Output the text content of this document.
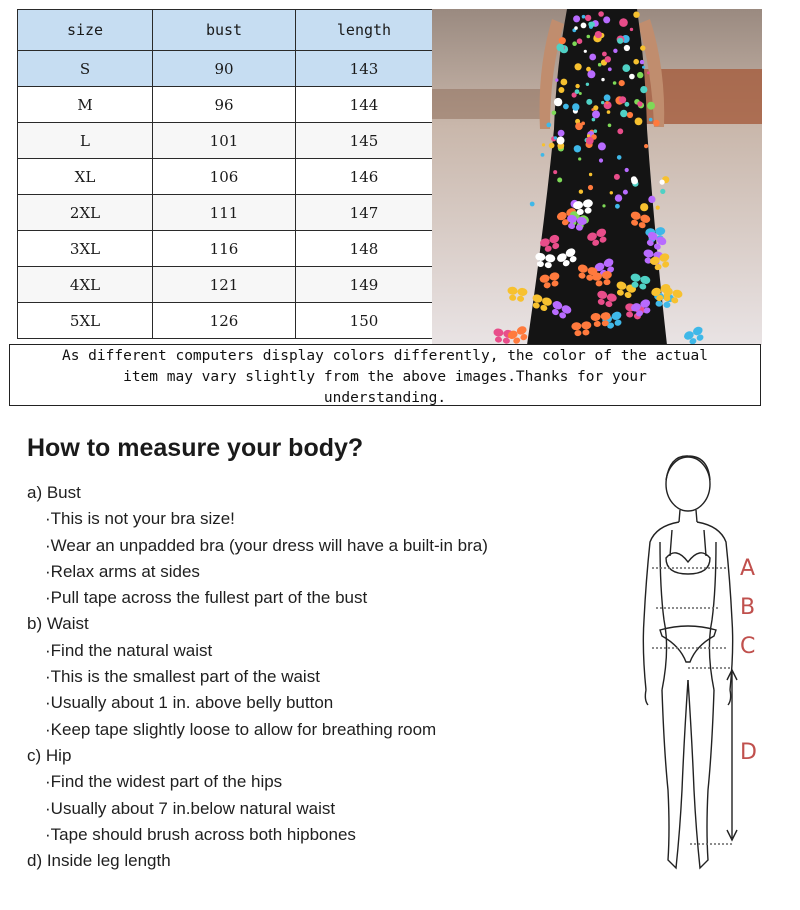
size	bust	length
S	90	143
M	96	144
L	101	145
XL	106	146
2XL	111	147
3XL	116	148
4XL	121	149
5XL	126	150
As different computers display colors differently, the color of the actual
item may vary slightly from the above images.Thanks for your
understanding.
How to measure your body?
a) Bust
·This is not your bra size!
·Wear an unpadded bra (your dress will have a built-in bra)
·Relax arms at sides
·Pull tape across the fullest part of the bust
b) Waist
·Find the natural waist
·This is the smallest part of the waist
·Usually about 1 in. above belly button
·Keep tape slightly loose to allow for breathing room
c) Hip
·Find the widest part of the hips
·Usually about 7 in.below natural waist
·Tape should brush across both hipbones
d) Inside leg length
A
B
C
D
